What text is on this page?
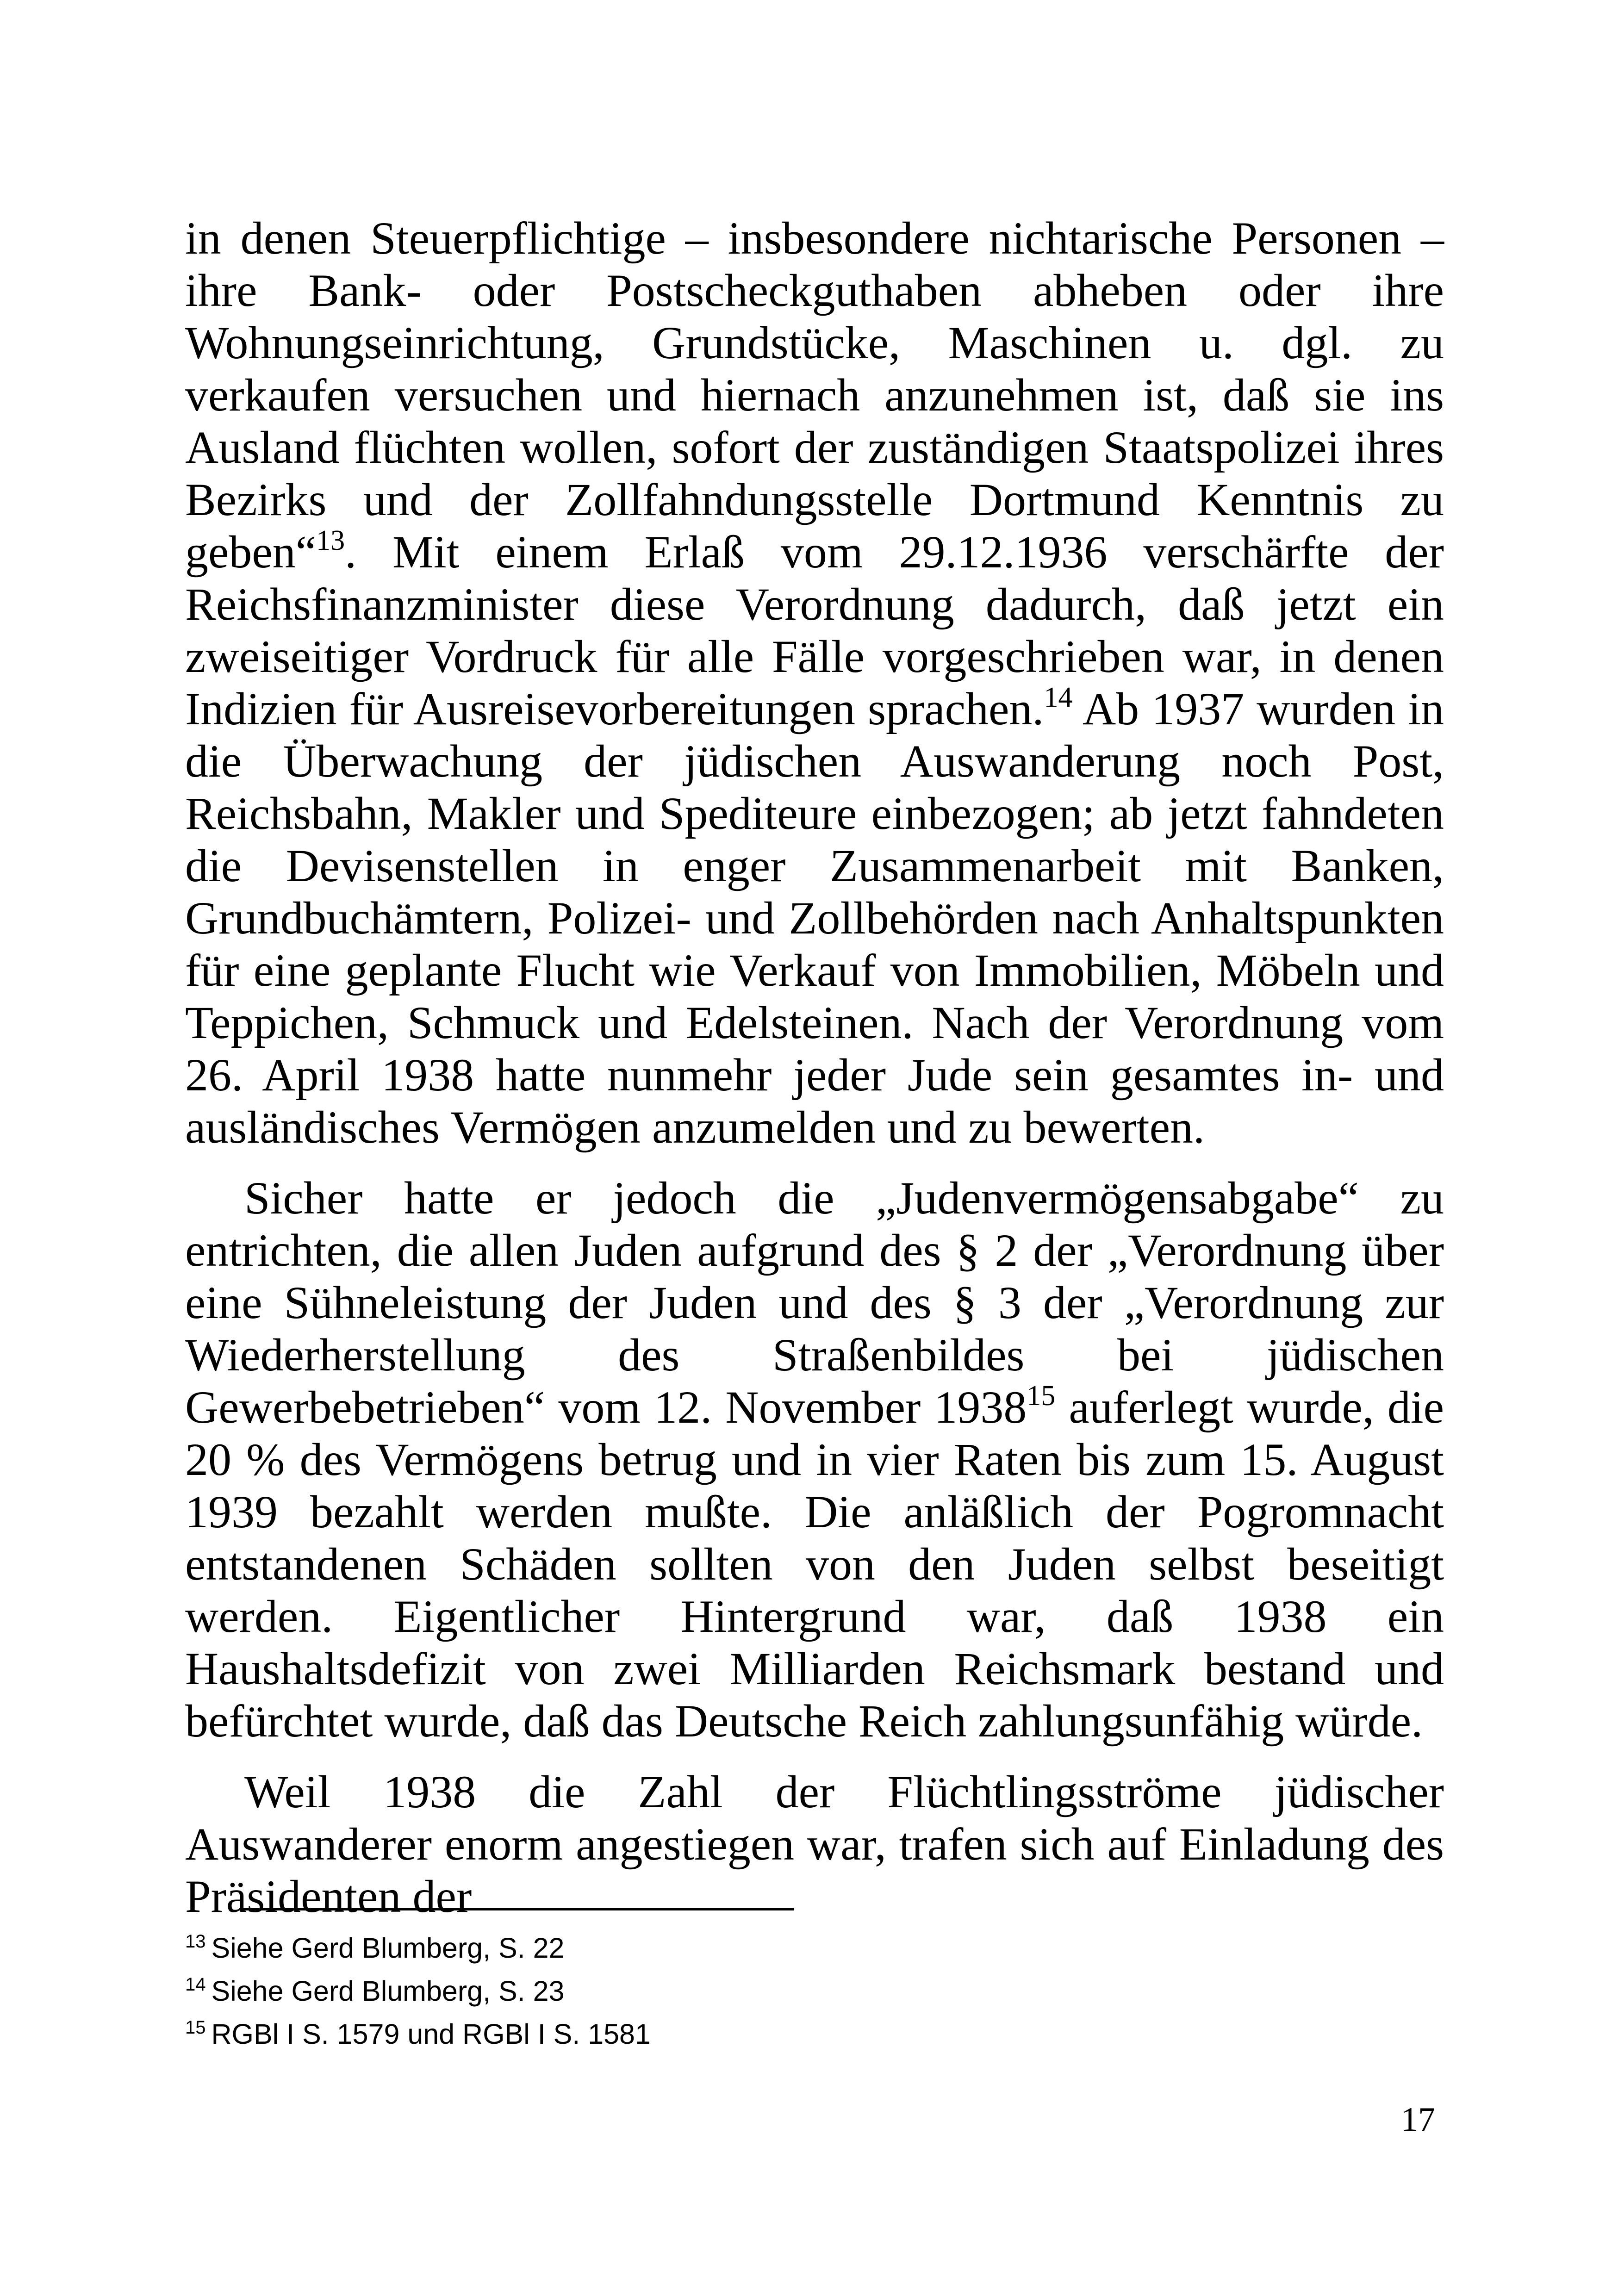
in denen Steuerpflichtige – insbesondere nichtarische Personen – ihre Bank- oder Postscheckguthaben abheben oder ihre Wohnungseinrichtung, Grundstücke, Maschinen u. dgl. zu verkaufen versuchen und hiernach anzunehmen ist, daß sie ins Ausland flüchten wollen, sofort der zuständigen Staatspolizei ihres Bezirks und der Zollfahndungsstelle Dortmund Kenntnis zu geben“$^{13}$. Mit einem Erlaß vom 29.12.1936 verschärfte der Reichsfinanzminister diese Verordnung dadurch, daß jetzt ein zweiseitiger Vordruck für alle Fälle vorgeschrieben war, in denen Indizien für Ausreisevorbereitungen sprachen.$^{14}$ Ab 1937 wurden in die Überwachung der jüdischen Auswanderung noch Post, Reichsbahn, Makler und Spediteure einbezogen; ab jetzt fahndeten die Devisenstellen in enger Zusammenarbeit mit Banken, Grundbuchämtern, Polizei- und Zollbehörden nach Anhaltspunkten für eine geplante Flucht wie Verkauf von Immobilien, Möbeln und Teppichen, Schmuck und Edelsteinen. Nach der Verordnung vom 26. April 1938 hatte nunmehr jeder Jude sein gesamtes in- und ausländisches Vermögen anzumelden und zu bewerten.

Sicher hatte er jedoch die „Judenvermögensabgabe“ zu entrichten, die allen Juden aufgrund des § 2 der „Verordnung über eine Sühneleistung der Juden und des § 3 der „Verordnung zur Wiederherstellung des Straßenbildes bei jüdischen Gewerbebetrieben“ vom 12. November 1938$^{15}$ auferlegt wurde, die 20 % des Vermögens betrug und in vier Raten bis zum 15. August 1939 bezahlt werden mußte. Die anläßlich der Pogromnacht entstandenen Schäden sollten von den Juden selbst beseitigt werden. Eigentlicher Hintergrund war, daß 1938 ein Haushaltsdefizit von zwei Milliarden Reichsmark bestand und befürchtet wurde, daß das Deutsche Reich zahlungsunfähig würde.

Weil 1938 die Zahl der Flüchtlingsströme jüdischer Auswanderer enorm angestiegen war, trafen sich auf Einladung des Präsidenten der

$^{13}$ Siehe Gerd Blumberg, S. 22
$^{14}$ Siehe Gerd Blumberg, S. 23
$^{15}$ RGBl I S. 1579 und RGBl I S. 1581
17
